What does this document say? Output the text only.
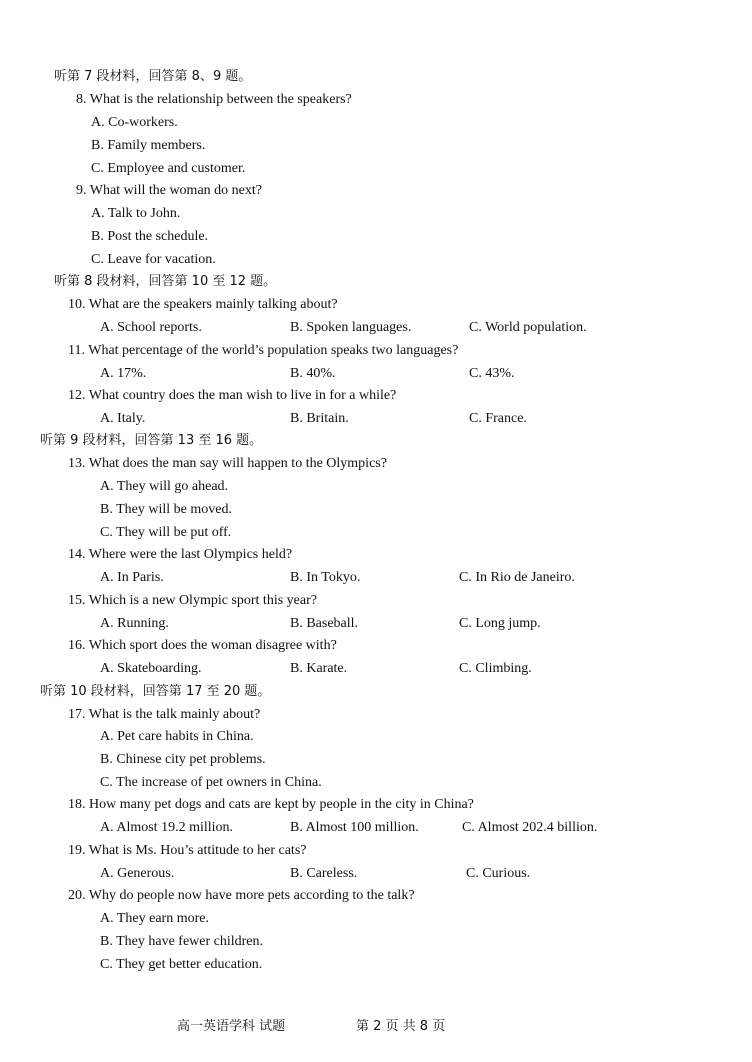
听第 7 段材料，回答第 8、9 题。
8. What is the relationship between the speakers?
A. Co-workers.
B. Family members.
C. Employee and customer.
9. What will the woman do next?
A. Talk to John.
B. Post the schedule.
C. Leave for vacation.
听第 8 段材料，回答第 10 至 12 题。
10. What are the speakers mainly talking about?
A. School reports.	B. Spoken languages.	C. World population.
11. What percentage of the world’s population speaks two languages?
A. 17%.	B. 40%.	C. 43%.
12. What country does the man wish to live in for a while?
A. Italy.	B. Britain.	C. France.
听第 9 段材料，回答第 13 至 16 题。
13. What does the man say will happen to the Olympics?
A. They will go ahead.
B. They will be moved.
C. They will be put off.
14. Where were the last Olympics held?
A. In Paris.	B. In Tokyo.	C. In Rio de Janeiro.
15. Which is a new Olympic sport this year?
A. Running.	B. Baseball.	C. Long jump.
16. Which sport does the woman disagree with?
A. Skateboarding.	B. Karate.	C. Climbing.
听第 10 段材料，回答第 17 至 20 题。
17. What is the talk mainly about?
A. Pet care habits in China.
B. Chinese city pet problems.
C. The increase of pet owners in China.
18. How many pet dogs and cats are kept by people in the city in China?
A. Almost 19.2 million.	B. Almost 100 million.	C. Almost 202.4 billion.
19. What is Ms. Hou’s attitude to her cats?
A. Generous.	B. Careless.	C. Curious.
20. Why do people now have more pets according to the talk?
A. They earn more.
B. They have fewer children.
C. They get better education.
高一英语学科 试题	第 2 页 共 8 页
